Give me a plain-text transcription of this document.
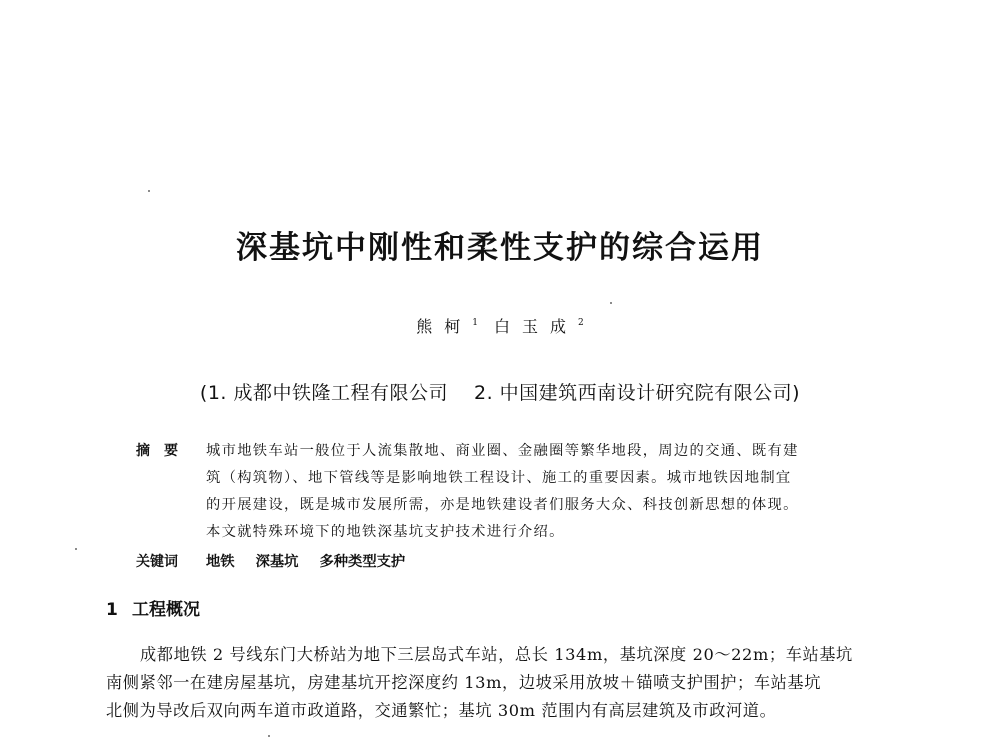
深基坑中刚性和柔性支护的综合运用
熊柯$^1$ 白玉成$^2$
(1. 成都中铁隆工程有限公司 2. 中国建筑西南设计研究院有限公司)
摘要 城市地铁车站一般位于人流集散地、商业圈、金融圈等繁华地段，周边的交通、既有建
筑（构筑物）、地下管线等是影响地铁工程设计、施工的重要因素。城市地铁因地制宜
的开展建设，既是城市发展所需，亦是地铁建设者们服务大众、科技创新思想的体现。
本文就特殊环境下的地铁深基坑支护技术进行介绍。
关键词 地铁 深基坑 多种类型支护
1 工程概况
成都地铁 2 号线东门大桥站为地下三层岛式车站，总长 134m，基坑深度 20～22m；车站基坑
南侧紧邻一在建房屋基坑，房建基坑开挖深度约 13m，边坡采用放坡＋锚喷支护围护；车站基坑
北侧为导改后双向两车道市政道路，交通繁忙；基坑 30m 范围内有高层建筑及市政河道。
